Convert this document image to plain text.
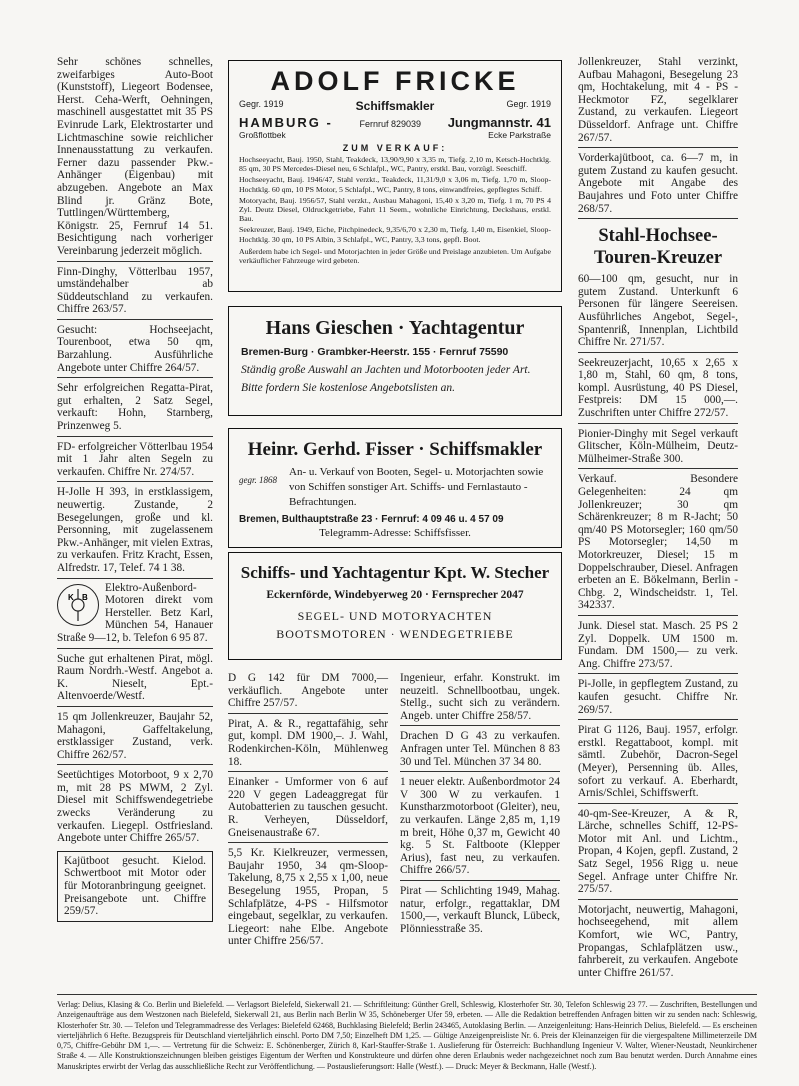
Sehr schönes schnelles, zweifarbiges Auto-Boot (Kunststoff), Liegeort Bodensee, Herst. Ceha-Werft, Oehningen, maschinell ausgestattet mit 35 PS Evinrude Lark, Elektrostarter und Lichtmaschine sowie reichlicher Innenausstattung zu verkaufen. Ferner dazu passender Pkw.-Anhänger (Eigenbau) mit abzugeben. Angebote an Max Blind jr. Gränz Bote, Tuttlingen/Württemberg, Königstr. 25, Fernruf 14 51. Besichtigung nach vorheriger Vereinbarung jederzeit möglich.

Finn-Dinghy, Vötterlbau 1957, umständehalber ab Süddeutschland zu verkaufen. Chiffre 263/57.

Gesucht: Hochseejacht, Tourenboot, etwa 50 qm, Barzahlung. Ausführliche Angebote unter Chiffre 264/57.

Sehr erfolgreichen Regatta-Pirat, gut erhalten, 2 Satz Segel, verkauft: Hohn, Starnberg, Prinzenweg 5.

FD- erfolgreicher Vötterlbau 1954 mit 1 Jahr alten Segeln zu verkaufen. Chiffre Nr. 274/57.

H-Jolle H 393, in erstklassigem, neuwertig. Zustande, 2 Besegelungen, große und kl. Personning, mit zugelassenem Pkw.-Anhänger, mit vielen Extras, zu verkaufen. Fritz Kracht, Essen, Alfredstr. 17, Telef. 74 1 38.

K B

Elektro-Außenbord-Motoren direkt vom Hersteller. Betz Karl, München 54, Hanauer Straße 9—12, b. Telefon 6 95 87.

Suche gut erhaltenen Pirat, mögl. Raum Nordrh.-Westf. Angebot a. K. Nieselt, Ept.-Altenvoerde/Westf.

15 qm Jollenkreuzer, Baujahr 52, Mahagoni, Gaffeltakelung, erstklassiger Zustand, verk. Chiffre 262/57.

Seetüchtiges Motorboot, 9 x 2,70 m, mit 28 PS MWM, 2 Zyl. Diesel mit Schiffswendegetriebe zwecks Veränderung zu verkaufen. Liegepl. Ostfriesland. Angebote unter Chiffre 265/57.

Kajütboot gesucht. Kielod. Schwertboot mit Motor oder für Motoranbringung geeignet. Preisangebote unt. Chiffre 259/57.

ADOLF FRICKE
Gegr. 1919	Schiffsmakler	Gegr. 1919
HAMBURG -	Fernruf 829039 Jungmannstr. 41
Großflottbek	Ecke Parkstraße
ZUM VERKAUF:

Hochseeyacht, Bauj. 1950, Stahl, Teakdeck, 13,90/9,90 x 3,35 m, Tiefg. 2,10 m, Ketsch-Hochtklg. 85 qm, 30 PS Mercedes-Diesel neu, 6 Schlafpl., WC, Pantry, erstkl. Bau, vorzügl. Seeschiff.

Hochseeyacht, Bauj. 1946/47, Stahl verzkt., Teakdeck, 11,31/9,0 x 3,06 m, Tiefg. 1,70 m, Sloop-Hochtklg. 60 qm, 10 PS Motor, 5 Schlafpl., WC, Pantry, 8 tons, einwandfreies, gepflegtes Schiff.

Motoryacht, Bauj. 1956/57, Stahl verzkt., Ausbau Mahagoni, 15,40 x 3,20 m, Tiefg. 1 m, 70 PS 4 Zyl. Deutz Diesel, Oldruckgetriebe, Fahrt 11 Seem., wohnliche Einrichtung, Deckshaus, erstkl. Bau.

Seekreuzer, Bauj. 1949, Eiche, Pitchpinedeck, 9,35/6,70 x 2,30 m, Tiefg. 1,40 m, Eisenkiel, Sloop-Hochtklg. 30 qm, 10 PS Albin, 3 Schlafpl., WC, Pantry, 3,3 tons, gepfl. Boot.

Außerdem habe ich Segel- und Motorjachten in jeder Größe und Preislage anzubieten. Um Aufgabe verkäuflicher Fahrzeuge wird gebeten.

Hans Gieschen · Yachtagentur
Bremen-Burg · Grambker-Heerstr. 155 · Fernruf 75590
Ständig große Auswahl an Jachten und Motorbooten jeder Art.
Bitte fordern Sie kostenlose Angebotslisten an.
Heinr. Gerhd. Fisser · Schiffsmakler
gegr. 1868
An- u. Verkauf von Booten, Segel- u. Motorjachten sowie von Schiffen sonstiger Art. Schiffs- und Fernlastauto - Befrachtungen.
Bremen, Bulthauptstraße 23 · Fernruf: 4 09 46 u. 4 57 09
Telegramm-Adresse: Schiffsfisser.
Schiffs- und Yachtagentur Kpt. W. Stecher
Eckernförde, Windebyerweg 20 · Fernsprecher 2047
SEGEL- UND MOTORYACHTEN
BOOTSMOTOREN · WENDEGETRIEBE

D G 142 für DM 7000,— verkäuflich. Angebote unter Chiffre 257/57.

Pirat, A. & R., regattafähig, sehr gut, kompl. DM 1900,–. J. Wahl, Rodenkirchen-Köln, Mühlenweg 18.

Einanker - Umformer von 6 auf 220 V gegen Ladeaggregat für Autobatterien zu tauschen gesucht. R. Verheyen, Düsseldorf, Gneisenaustraße 67.

5,5 Kr. Kielkreuzer, vermessen, Baujahr 1950, 34 qm-Sloop-Takelung, 8,75 x 2,55 x 1,00, neue Besegelung 1955, Propan, 5 Schlafplätze, 4-PS - Hilfsmotor eingebaut, segelklar, zu verkaufen. Liegeort: nahe Elbe. Angebote unter Chiffre 256/57.

Ingenieur, erfahr. Konstrukt. im neuzeitl. Schnellbootbau, ungek. Stellg., sucht sich zu verändern. Angeb. unter Chiffre 258/57.

Drachen D G 43 zu verkaufen. Anfragen unter Tel. München 8 83 30 und Tel. München 37 34 80.

1 neuer elektr. Außenbordmotor 24 V 300 W zu verkaufen. 1 Kunstharzmotorboot (Gleiter), neu, zu verkaufen. Länge 2,85 m, 1,19 m breit, Höhe 0,37 m, Gewicht 40 kg. 5 St. Faltboote (Klepper Arius), fast neu, zu verkaufen. Chiffre 266/57.

Pirat — Schlichting 1949, Mahag. natur, erfolgr., regattaklar, DM 1500,—, verkauft Blunck, Lübeck, Plönniesstraße 35.

Jollenkreuzer, Stahl verzinkt, Aufbau Mahagoni, Besegelung 23 qm, Hochtakelung, mit 4 - PS - Heckmotor FZ, segelklarer Zustand, zu verkaufen. Liegeort Düsseldorf. Anfrage unt. Chiffre 267/57.

Vorderkajütboot, ca. 6—7 m, in gutem Zustand zu kaufen gesucht. Angebote mit Angabe des Baujahres und Foto unter Chiffre 268/57.

Stahl-Hochsee-Touren-Kreuzer

60—100 qm, gesucht, nur in gutem Zustand. Unterkunft 6 Personen für längere Seereisen. Ausführliches Angebot, Segel-, Spantenriß, Innenplan, Lichtbild Chiffre Nr. 271/57.

Seekreuzerjacht, 10,65 x 2,65 x 1,80 m, Stahl, 60 qm, 8 tons, kompl. Ausrüstung, 40 PS Diesel, Festpreis: DM 15 000,—. Zuschriften unter Chiffre 272/57.

Pionier-Dinghy mit Segel verkauft Glitscher, Köln-Mülheim, Deutz-Mülheimer-Straße 300.

Verkauf. Besondere Gelegenheiten: 24 qm Jollenkreuzer; 30 qm Schärenkreuzer; 8 m R-Jacht; 50 qm/40 PS Motorsegler; 160 qm/50 PS Motorsegler; 14,50 m Motorkreuzer, Diesel; 15 m Doppelschrauber, Diesel. Anfragen erbeten an E. Bökelmann, Berlin - Chbg. 2, Windscheidstr. 1, Tel. 342337.

Junk. Diesel stat. Masch. 25 PS 2 Zyl. Doppelk. UM 1500 m. Fundam. DM 1500,— zu verk. Ang. Chiffre 273/57.

Pi-Jolle, in gepflegtem Zustand, zu kaufen gesucht. Chiffre Nr. 269/57.

Pirat G 1126, Bauj. 1957, erfolgr. erstkl. Regattaboot, kompl. mit sämtl. Zubehör, Dacron-Segel (Meyer), Persenning üb. Alles, sofort zu verkauf. A. Eberhardt, Arnis/Schlei, Schiffswerft.

40-qm-See-Kreuzer, A & R, Lärche, schnelles Schiff, 12-PS-Motor mit Anl. und Lichtm., Propan, 4 Kojen, gepfl. Zustand, 2 Satz Segel, 1956 Rigg u. neue Segel. Anfrage unter Chiffre Nr. 275/57.

Motorjacht, neuwertig, Mahagoni, hochseegehend, mit allem Komfort, wie WC, Pantry, Propangas, Schlafplätzen usw., fahrbereit, zu verkaufen. Angebote unter Chiffre 261/57.

Verlag: Delius, Klasing & Co. Berlin und Bielefeld. — Verlagsort Bielefeld, Siekerwall 21. — Schriftleitung: Günther Grell, Schleswig, Klosterhofer Str. 30, Telefon Schleswig 23 77. — Zuschriften, Bestellungen und Anzeigenaufträge aus dem Westzonen nach Bielefeld, Siekerwall 21, aus Berlin nach Berlin W 35, Schöneberger Ufer 59, erbeten. — Alle die Redaktion betreffenden Anfragen bitten wir zu senden nach: Schleswig, Klosterhofer Str. 30. — Telefon und Telegrammadresse des Verlages: Bielefeld 62468, Buchklasing Bielefeld; Berlin 243465, Autoklasing Berlin. — Anzeigenleitung: Hans-Heinrich Delius, Bielefeld. — Es erscheinen vierteljährlich 6 Hefte. Bezugspreis für Deutschland vierteljährlich einschl. Porto DM 7,50; Einzelheft DM 1,25. — Gültige Anzeigenpreisliste Nr. 6. Preis der Kleinanzeigen für die viergespaltene Millimeterzeile DM 0,75, Chiffre-Gebühr DM 1,—. — Vertretung für die Schweiz: E. Schönenberger, Zürich 8, Karl-Stauffer-Straße 1. Auslieferung für Österreich: Buchhandlung Ingenieur V. Walter, Wiener-Neustadt, Neunkirchener Straße 4. — Alle Konstruktionszeichnungen bleiben geistiges Eigentum der Werften und Konstrukteure und dürfen ohne deren Erlaubnis weder nachgezeichnet noch zum Bau benutzt werden. Durch Annahme eines Manuskriptes erwirbt der Verlag das ausschließliche Recht zur Veröffentlichung. — Postauslieferungsort: Halle (Westf.). — Druck: Meyer & Beckmann, Halle (Westf.).
